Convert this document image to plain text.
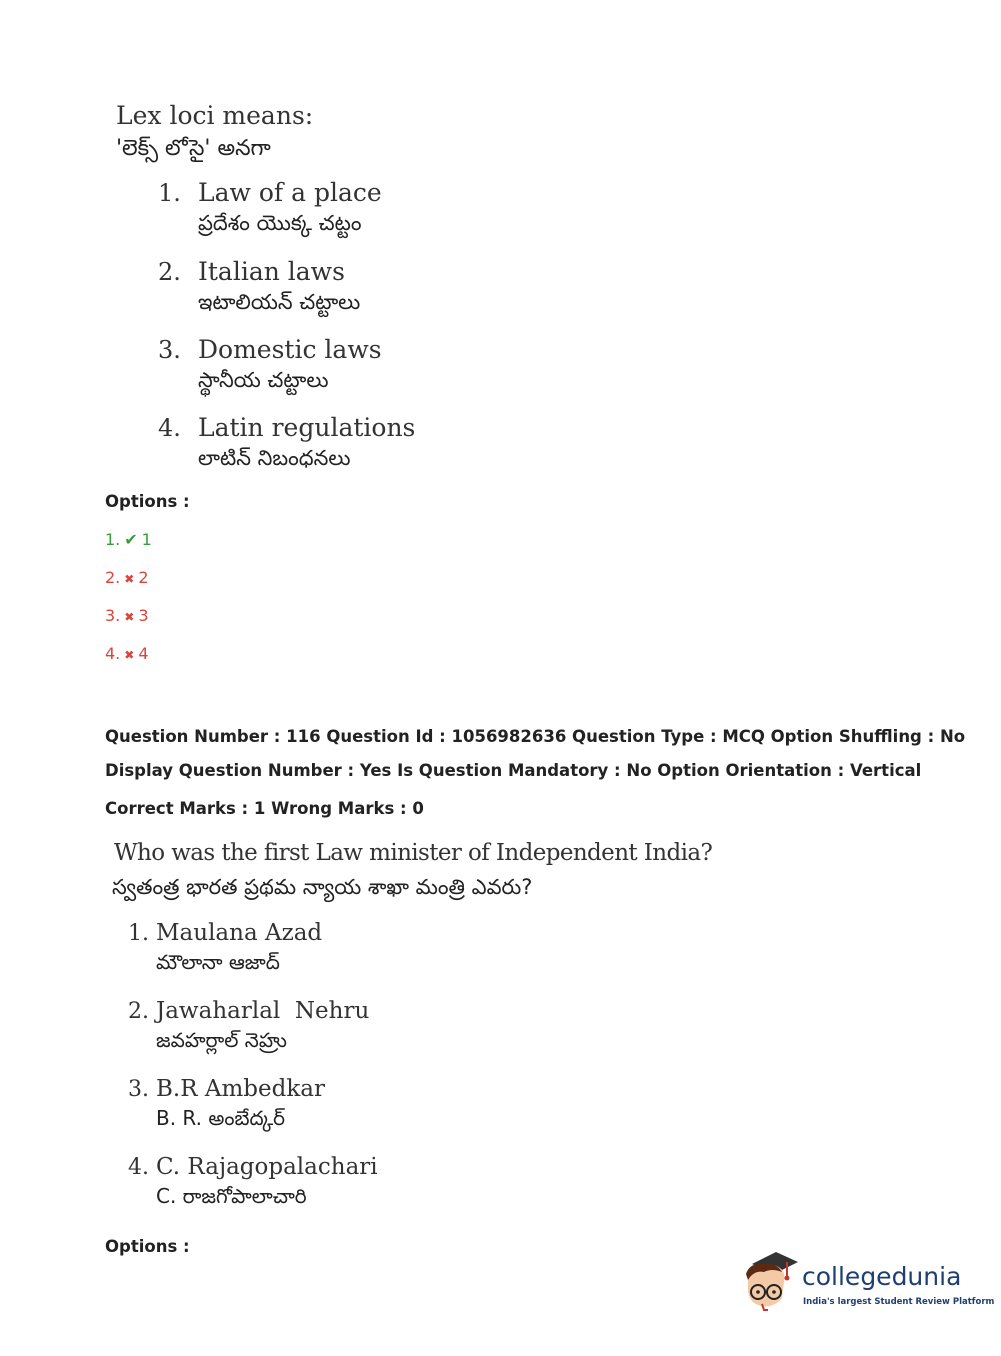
Lex loci means:
'లెక్స్ లోసై' అనగా
1. Law of a place
ప్రదేశం యొక్క చట్టం
2. Italian laws
ఇటాలియన్ చట్టాలు
3. Domestic laws
స్థానీయ చట్టాలు
4. Latin regulations
లాటిన్ నిబంధనలు
Options :
1. ✔ 1
2. ✖ 2
3. ✖ 3
4. ✖ 4
Question Number : 116 Question Id : 1056982636 Question Type : MCQ Option Shuffling : No
Display Question Number : Yes Is Question Mandatory : No Option Orientation : Vertical
Correct Marks : 1 Wrong Marks : 0
Who was the first Law minister of Independent India?
స్వతంత్ర భారత ప్రథమ న్యాయ శాఖా మంత్రి ఎవరు?
1. Maulana Azad
మౌలానా ఆజాద్
2. Jawaharlal  Nehru
జవహర్లాల్ నెహ్రు
3. B.R Ambedkar
B. R. అంబేద్కర్
4. C. Rajagopalachari
C. రాజగోపాలాచారి
Options :
collegedunia
India's largest Student Review Platform
